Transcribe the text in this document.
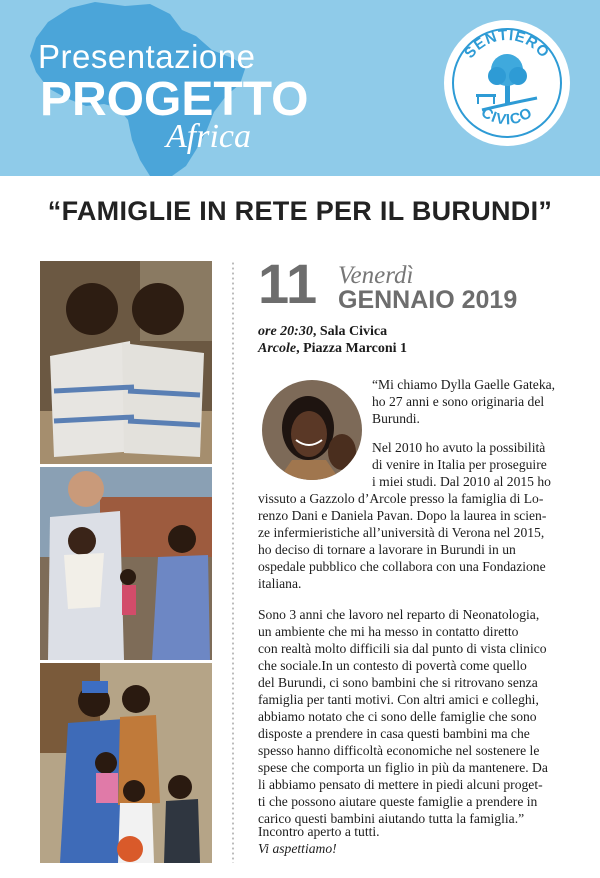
Presentazione
PROGETTO
Africa
SENTIERO
CIVICO
“FAMIGLIE IN RETE PER IL BURUNDI”
11 Venerdì
GENNAIO 2019
ore 20:30, Sala Civica
Arcole, Piazza Marconi 1
“Mi chiamo Dylla Gaelle Gateka,
ho 27 anni e sono originaria del
Burundi.
Nel 2010 ho avuto la possibilità
di venire in Italia per proseguire
i miei studi. Dal 2010 al 2015 ho
vissuto a Gazzolo d’Arcole presso la famiglia di Lo-
renzo Dani e Daniela Pavan. Dopo la laurea in scien-
ze infermieristiche all’università di Verona nel 2015,
ho deciso di tornare a lavorare in Burundi in un
ospedale pubblico che collabora con una Fondazione
italiana.
Sono 3 anni che lavoro nel reparto di Neonatologia,
un ambiente che mi ha messo in contatto diretto
con realtà molto difficili sia dal punto di vista clinico
che sociale.In un contesto di povertà come quello
del Burundi, ci sono bambini che si ritrovano senza
famiglia per tanti motivi. Con altri amici e colleghi,
abbiamo notato che ci sono delle famiglie che sono
disposte a prendere in casa questi bambini ma che
spesso hanno difficoltà economiche nel sostenere le
spese che comporta un figlio in più da mantenere. Da
li abbiamo pensato di mettere in piedi alcuni proget-
ti che possono aiutare queste famiglie a prendere in
carico questi bambini aiutando tutta la famiglia.”
Incontro aperto a tutti.
Vi aspettiamo!
